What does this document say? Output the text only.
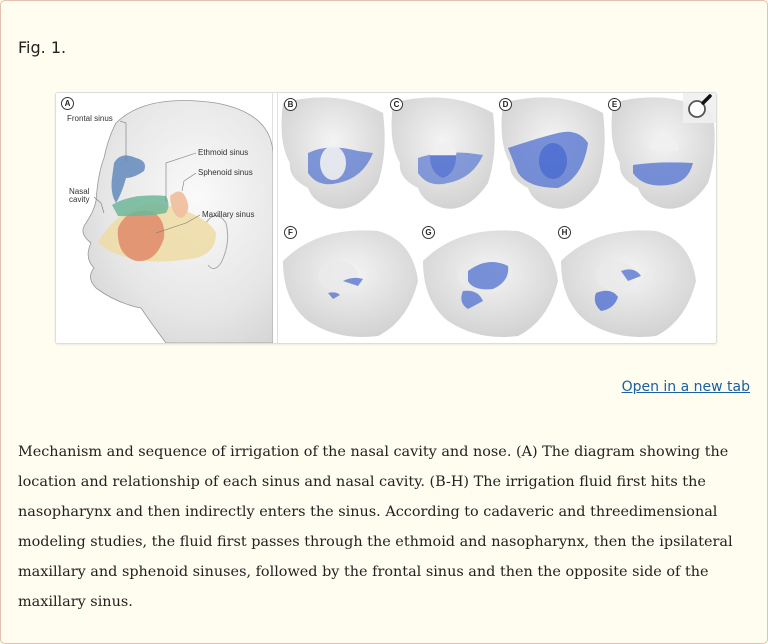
Fig. 1.
A
Frontal sinus
Ethmoid sinus
Sphenoid sinus
Nasal
cavity
Maxillary sinus
B	C	D	E
F	G	H
Open in a new tab

Mechanism and sequence of irrigation of the nasal cavity and nose. (A) The diagram showing the location and relationship of each sinus and nasal cavity. (B-H) The irrigation fluid first hits the nasopharynx and then indirectly enters the sinus. According to cadaveric and threedimensional modeling studies, the fluid first passes through the ethmoid and nasopharynx, then the ipsilateral maxillary and sphenoid sinuses, followed by the frontal sinus and then the opposite side of the maxillary sinus.
